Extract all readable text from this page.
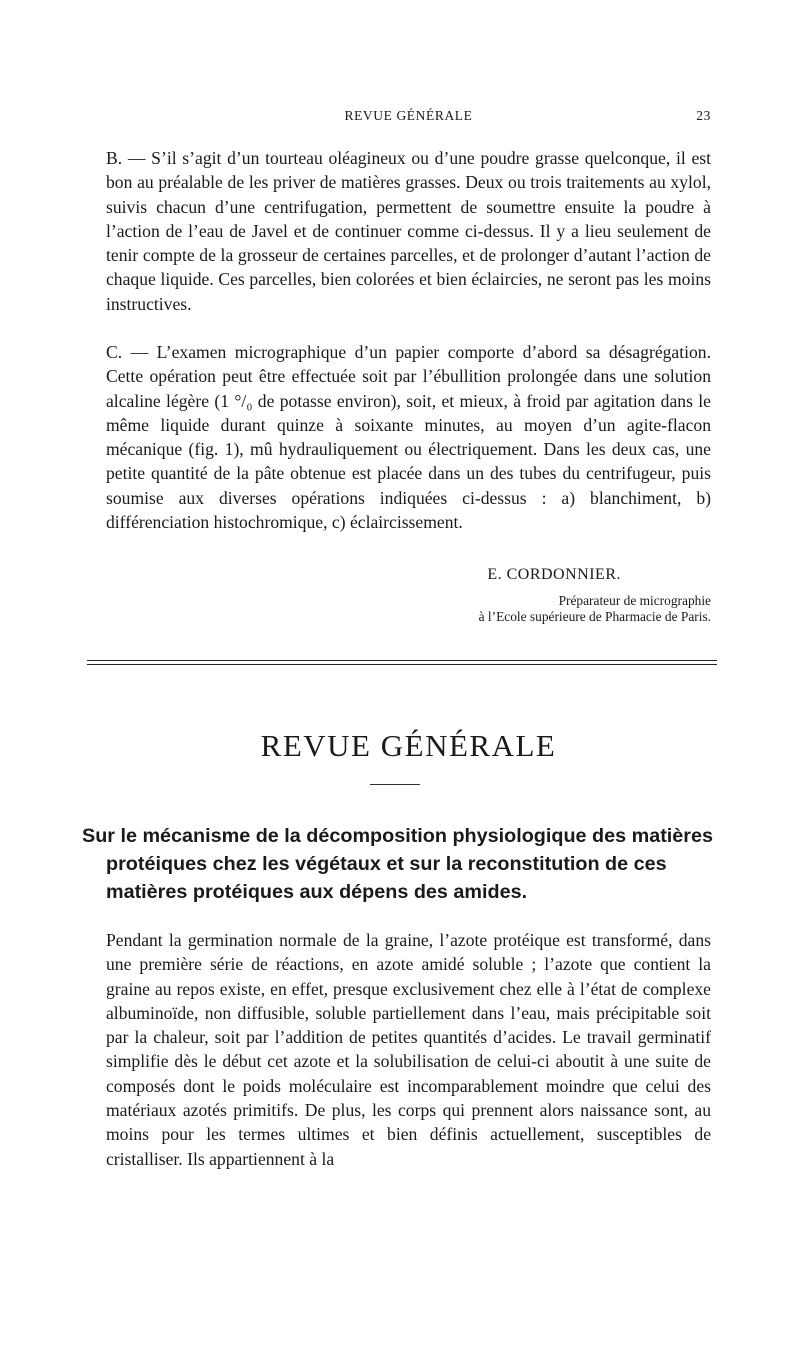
REVUE GÉNÉRALE	23

B. — S’il s’agit d’un tourteau oléagineux ou d’une poudre grasse quelconque, il est bon au préalable de les priver de matières grasses. Deux ou trois traitements au xylol, suivis chacun d’une centrifugation, permettent de soumettre ensuite la poudre à l’action de l’eau de Javel et de continuer comme ci-dessus. Il y a lieu seulement de tenir compte de la grosseur de certaines parcelles, et de prolonger d’autant l’action de chaque liquide. Ces parcelles, bien colorées et bien éclaircies, ne seront pas les moins instructives.

C. — L’examen micrographique d’un papier comporte d’abord sa désagrégation. Cette opération peut être effectuée soit par l’ébullition prolongée dans une solution alcaline légère (1 °/₀ de potasse environ), soit, et mieux, à froid par agitation dans le même liquide durant quinze à soixante minutes, au moyen d’un agite-flacon mécanique (fig. 1), mû hydrauliquement ou électriquement. Dans les deux cas, une petite quantité de la pâte obtenue est placée dans un des tubes du centrifugeur, puis soumise aux diverses opérations indiquées ci-dessus : a) blanchiment, b) différenciation histochromique, c) éclaircissement.

E. CORDONNIER.
Préparateur de micrographie
à l’Ecole supérieure de Pharmacie de Paris.
REVUE GÉNÉRALE
Sur le mécanisme de la décomposition physiologique des matières
protéiques chez les végétaux et sur la reconstitution de ces
matières protéiques aux dépens des amides.

Pendant la germination normale de la graine, l’azote protéique est transformé, dans une première série de réactions, en azote amidé soluble ; l’azote que contient la graine au repos existe, en effet, presque exclusivement chez elle à l’état de complexe albuminoïde, non diffusible, soluble partiellement dans l’eau, mais précipitable soit par la chaleur, soit par l’addition de petites quantités d’acides. Le travail germinatif simplifie dès le début cet azote et la solubilisation de celui-ci aboutit à une suite de composés dont le poids moléculaire est incomparablement moindre que celui des matériaux azotés primitifs. De plus, les corps qui prennent alors naissance sont, au moins pour les termes ultimes et bien définis actuellement, susceptibles de cristalliser. Ils appartiennent à la
